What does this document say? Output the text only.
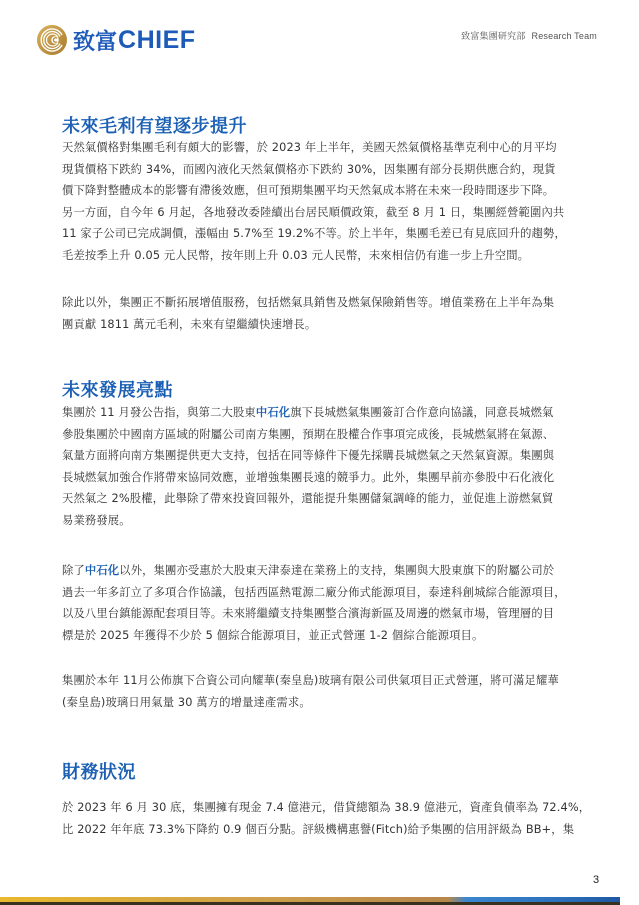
致富 CHIEF	致富集團研究部 Research Team
未來毛利有望逐步提升
天然氣價格對集團毛利有頗大的影響，於 2023 年上半年，美國天然氣價格基準克利中心的月平均
現貨價格下跌約 34%，而國內液化天然氣價格亦下跌約 30%，因集團有部分長期供應合約，現貨
價下降對整體成本的影響有滯後效應，但可預期集團平均天然氣成本將在未來一段時間逐步下降。
另一方面，自今年 6 月起，各地發改委陸續出台居民順價政策，截至 8 月 1 日，集團經營範圍內共
11 家子公司已完成調價，漲幅由 5.7%至 19.2%不等。於上半年，集團毛差已有見底回升的趨勢，
毛差按季上升 0.05 元人民幣，按年則上升 0.03 元人民幣，未來相信仍有進一步上升空間。
除此以外，集團正不斷拓展增值服務，包括燃氣具銷售及燃氣保險銷售等。增值業務在上半年為集
團貢獻 1811 萬元毛利，未來有望繼續快速增長。
未來發展亮點
集團於 11 月發公告指，與第二大股東中石化旗下長城燃氣集團簽訂合作意向協議，同意長城燃氣
參股集團於中國南方區域的附屬公司南方集團，預期在股權合作事項完成後，長城燃氣將在氣源、
氣量方面將向南方集團提供更大支持，包括在同等條件下優先採購長城燃氣之天然氣資源。集團與
長城燃氣加強合作將帶來協同效應，並增強集團長遠的競爭力。此外，集團早前亦參股中石化液化
天然氣之 2%股權，此舉除了帶來投資回報外，還能提升集團儲氣調峰的能力，並促進上游燃氣貿
易業務發展。
除了中石化以外，集團亦受惠於大股東天津泰達在業務上的支持，集團與大股東旗下的附屬公司於
過去一年多訂立了多項合作協議，包括西區熱電源二廠分佈式能源項目，泰達科創城綜合能源項目，
以及八里台鎮能源配套項目等。未來將繼續支持集團整合濱海新區及周邊的燃氣市場，管理層的目
標是於 2025 年獲得不少於 5 個綜合能源項目，並正式營運 1-2 個綜合能源項目。
集團於本年 11月公佈旗下合資公司向耀華(秦皇島)玻璃有限公司供氣項目正式營運，將可滿足耀華
(秦皇島)玻璃日用氣量 30 萬方的增量達產需求。
財務狀況
於 2023 年 6 月 30 底，集團擁有現金 7.4 億港元，借貸總額為 38.9 億港元，資產負債率為 72.4%，
比 2022 年年底 73.3%下降約 0.9 個百分點。評級機構惠譽(Fitch)給予集團的信用評級為 BB+，集
3
